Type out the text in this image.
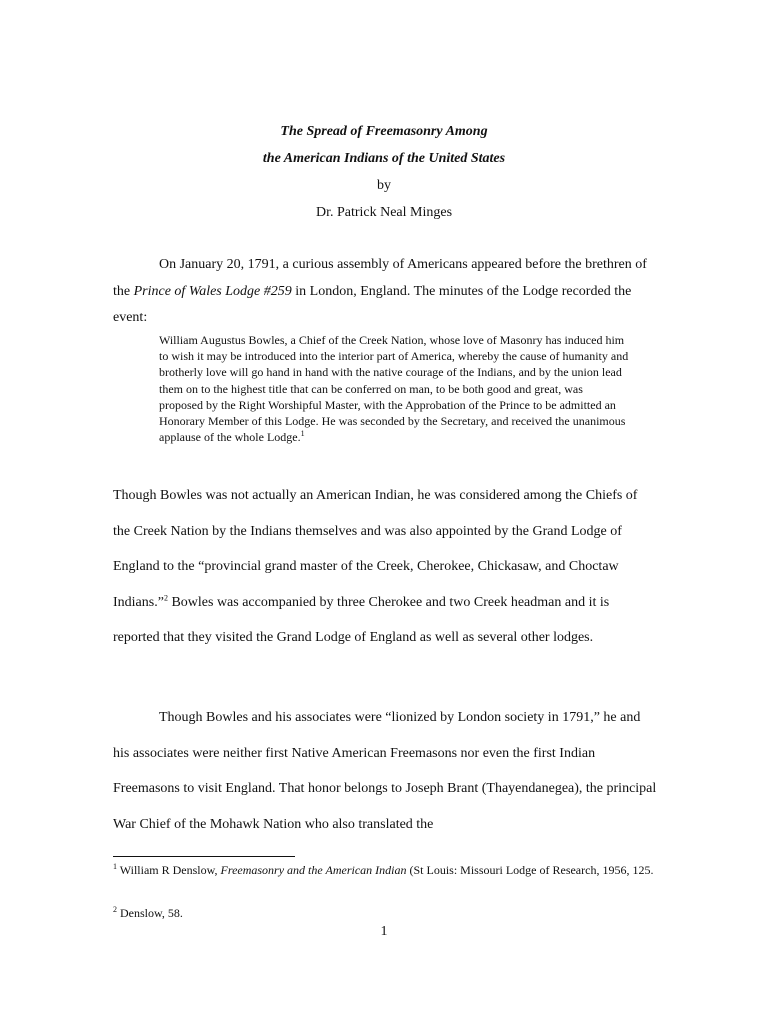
The Spread of Freemasonry Among
the American Indians of the United States
by
Dr. Patrick Neal Minges

On January 20, 1791, a curious assembly of Americans appeared before the brethren of the Prince of Wales Lodge #259 in London, England. The minutes of the Lodge recorded the event:

William Augustus Bowles, a Chief of the Creek Nation, whose love of Masonry has induced him to wish it may be introduced into the interior part of America, whereby the cause of humanity and brotherly love will go hand in hand with the native courage of the Indians, and by the union lead them on to the highest title that can be conferred on man, to be both good and great, was proposed by the Right Worshipful Master, with the Approbation of the Prince to be admitted an Honorary Member of this Lodge. He was seconded by the Secretary, and received the unanimous applause of the whole Lodge.$^1$

Though Bowles was not actually an American Indian, he was considered among the Chiefs of the Creek Nation by the Indians themselves and was also appointed by the Grand Lodge of England to the “provincial grand master of the Creek, Cherokee, Chickasaw, and Choctaw Indians.”$^2$ Bowles was accompanied by three Cherokee and two Creek headman and it is reported that they visited the Grand Lodge of England as well as several other lodges.

Though Bowles and his associates were “lionized by London society in 1791,” he and his associates were neither first Native American Freemasons nor even the first Indian Freemasons to visit England. That honor belongs to Joseph Brant (Thayendanegea), the principal War Chief of the Mohawk Nation who also translated the

$^1$ William R Denslow, Freemasonry and the American Indian (St Louis: Missouri Lodge of Research, 1956, 125.

$^2$ Denslow, 58.

1
